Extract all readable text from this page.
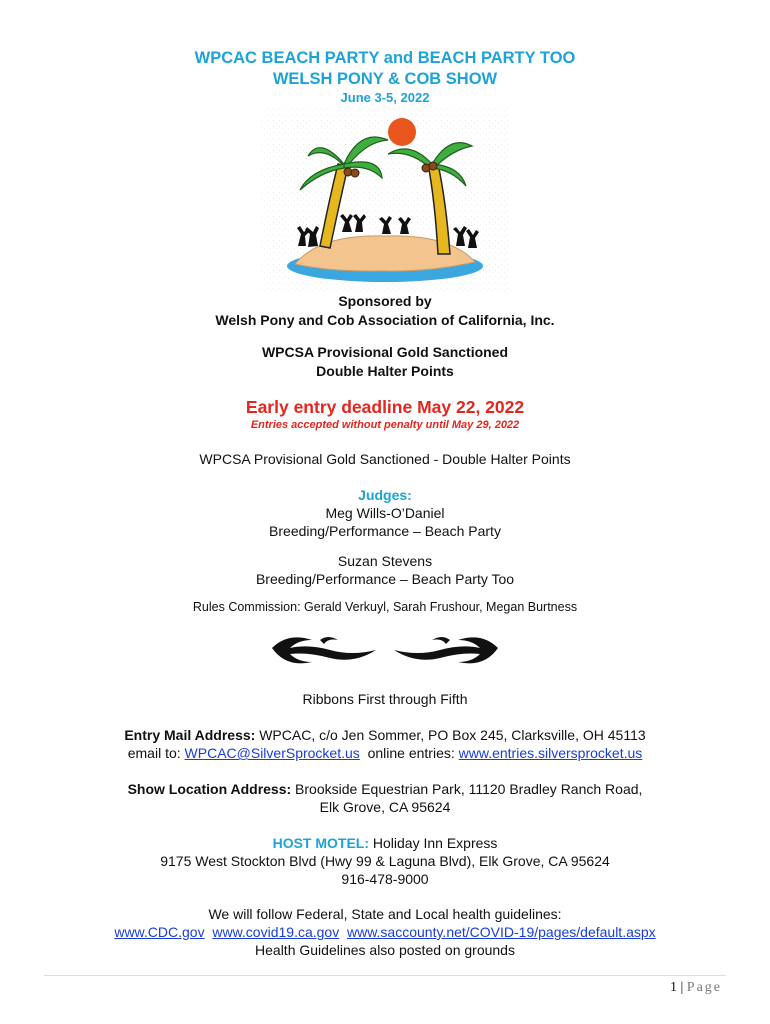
WPCAC BEACH PARTY and BEACH PARTY TOO
WELSH PONY & COB SHOW
June 3-5, 2022
Sponsored by
Welsh Pony and Cob Association of California, Inc.
WPCSA Provisional Gold Sanctioned
Double Halter Points
Early entry deadline May 22, 2022
Entries accepted without penalty until May 29, 2022
WPCSA Provisional Gold Sanctioned - Double Halter Points
Judges:
Meg Wills-O’Daniel
Breeding/Performance – Beach Party
Suzan Stevens
Breeding/Performance – Beach Party Too
Rules Commission: Gerald Verkuyl, Sarah Frushour, Megan Burtness
Ribbons First through Fifth
Entry Mail Address: WPCAC, c/o Jen Sommer, PO Box 245, Clarksville, OH 45113
email to: WPCAC@SilverSprocket.us  online entries: www.entries.silversprocket.us
Show Location Address: Brookside Equestrian Park, 11120 Bradley Ranch Road,
Elk Grove, CA 95624
HOST MOTEL: Holiday Inn Express
9175 West Stockton Blvd (Hwy 99 & Laguna Blvd), Elk Grove, CA 95624
916-478-9000
We will follow Federal, State and Local health guidelines:
www.CDC.gov www.covid19.ca.gov www.saccounty.net/COVID-19/pages/default.aspx
Health Guidelines also posted on grounds
1 | Page
